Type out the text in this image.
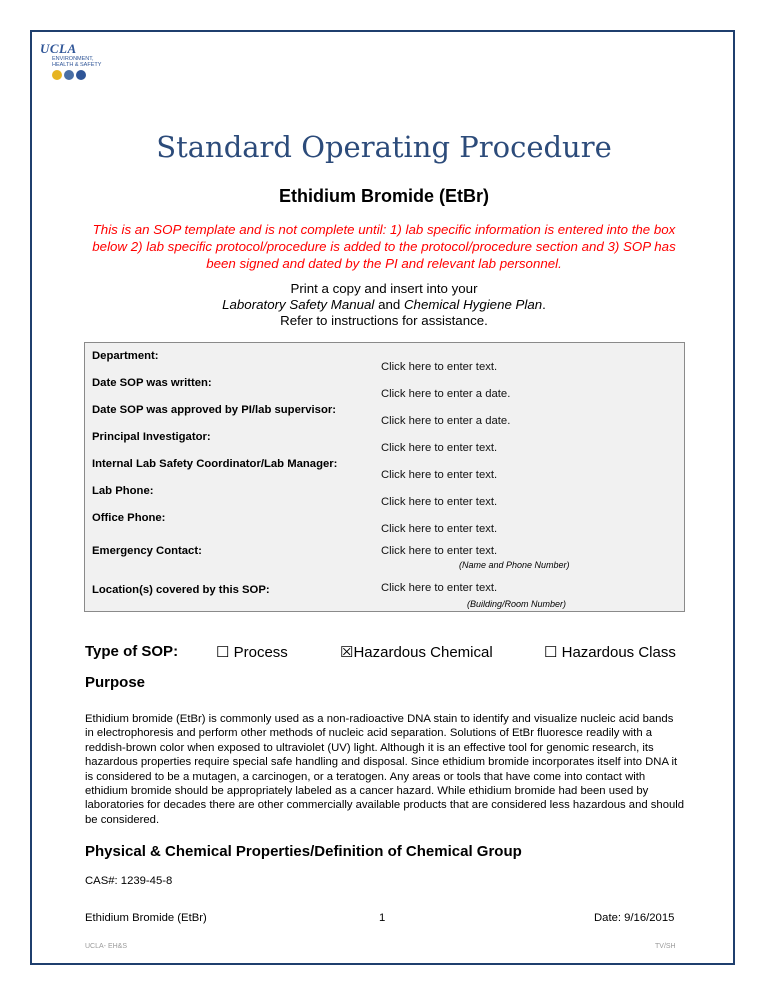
UCLA
ENVIRONMENT,
HEALTH & SAFETY
Standard Operating Procedure
Ethidium Bromide (EtBr)
This is an SOP template and is not complete until: 1) lab specific information is entered into the box below 2) lab specific protocol/procedure is added to the protocol/procedure section and 3) SOP has been signed and dated by the PI and relevant lab personnel.
Print a copy and insert into your
Laboratory Safety Manual and Chemical Hygiene Plan.
Refer to instructions for assistance.
Department:
Click here to enter text.
Date SOP was written:
Click here to enter a date.
Date SOP was approved by PI/lab supervisor:
Click here to enter a date.
Principal Investigator:
Click here to enter text.
Internal Lab Safety Coordinator/Lab Manager:
Click here to enter text.
Lab Phone:
Click here to enter text.
Office Phone:
Click here to enter text.
Emergency Contact:	Click here to enter text.
(Name and Phone Number)
Location(s) covered by this SOP:	Click here to enter text.
(Building/Room Number)
Type of SOP:	☐ Process	☒Hazardous Chemical	☐ Hazardous Class
Purpose
Ethidium bromide (EtBr) is commonly used as a non-radioactive DNA stain to identify and visualize nucleic acid bands in electrophoresis and perform other methods of nucleic acid separation. Solutions of EtBr fluoresce readily with a reddish-brown color when exposed to ultraviolet (UV) light. Although it is an effective tool for genomic research, its hazardous properties require special safe handling and disposal. Since ethidium bromide incorporates itself into DNA it is considered to be a mutagen, a carcinogen, or a teratogen. Any areas or tools that have come into contact with ethidium bromide should be appropriately labeled as a cancer hazard. While ethidium bromide had been used by laboratories for decades there are other commercially available products that are considered less hazardous and should be considered.
Physical & Chemical Properties/Definition of Chemical Group
CAS#: 1239-45-8
Ethidium Bromide (EtBr)	1	Date: 9/16/2015
UCLA- EH&S	TV/SH
